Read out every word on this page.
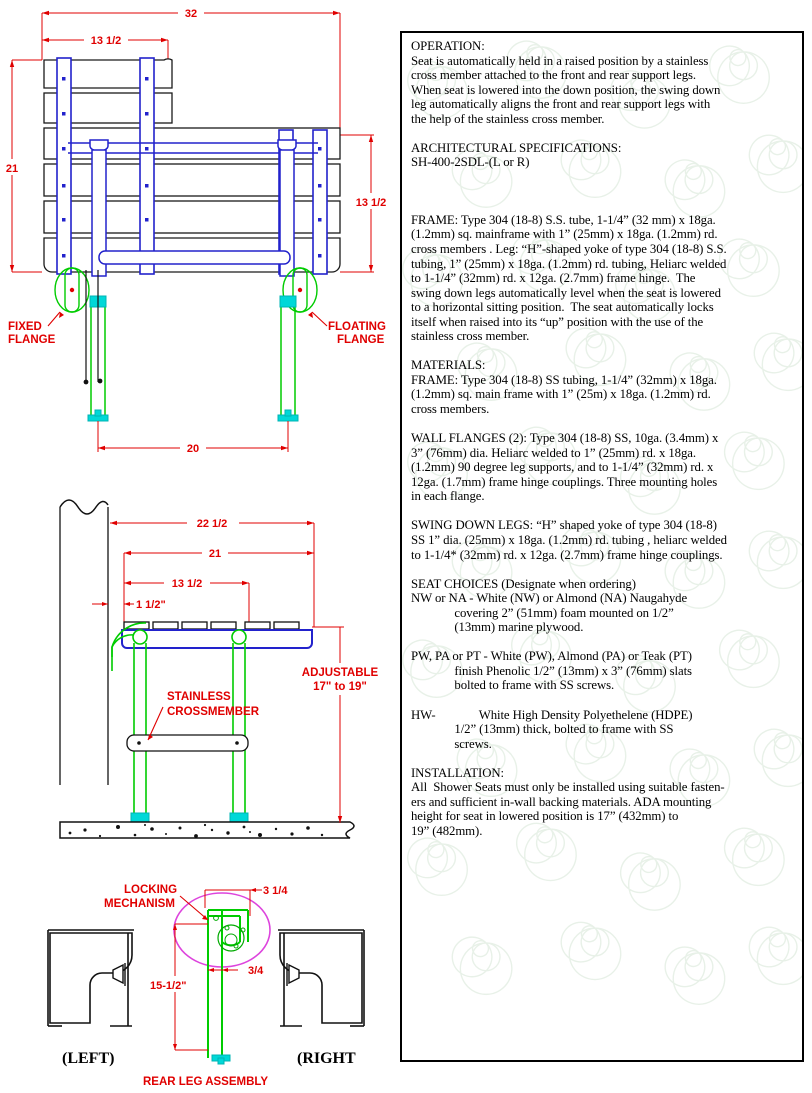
32
13 1/2
21
13 1/2
20
FIXED
FLANGE
FLOATING
FLANGE
22 1/2
21
13 1/2
1 1/2"
STAINLESS
CROSSMEMBER
ADJUSTABLE
17" to 19"
3 1/4
3/4
15-1/2"
LOCKING
MECHANISM
(LEFT)	(RIGHT
REAR LEG ASSEMBLY
OPERATION:
Seat is automatically held in a raised position by a stainless
cross member attached to the front and rear support legs.
When seat is lowered into the down position, the swing down
leg automatically aligns the front and rear support legs with
the help of the stainless cross member.
ARCHITECTURAL SPECIFICATIONS:
SH-400-2SDL-(L or R)
FRAME: Type 304 (18-8) S.S. tube, 1-1/4” (32 mm) x 18ga.
(1.2mm) sq. mainframe with 1” (25mm) x 18ga. (1.2mm) rd.
cross members . Leg: “H”-shaped yoke of type 304 (18-8) S.S.
tubing, 1” (25mm) x 18ga. (1.2mm) rd. tubing, Heliarc welded
to 1-1/4” (32mm) rd. x 12ga. (2.7mm) frame hinge.  The
swing down legs automatically level when the seat is lowered
to a horizontal sitting position.  The seat automatically locks
itself when raised into its “up” position with the use of the
stainless cross member.
MATERIALS:
FRAME: Type 304 (18-8) SS tubing, 1-1/4” (32mm) x 18ga.
(1.2mm) sq. main frame with 1” (25m) x 18ga. (1.2mm) rd.
cross members.
WALL FLANGES (2): Type 304 (18-8) SS, 10ga. (3.4mm) x
3” (76mm) dia. Heliarc welded to 1” (25mm) rd. x 18ga.
(1.2mm) 90 degree leg supports, and to 1-1/4” (32mm) rd. x
12ga. (1.7mm) frame hinge couplings. Three mounting holes
in each flange.
SWING DOWN LEGS: “H” shaped yoke of type 304 (18-8)
SS 1” dia. (25mm) x 18ga. (1.2mm) rd. tubing , heliarc welded
to 1-1/4* (32mm) rd. x 12ga. (2.7mm) frame hinge couplings.
SEAT CHOICES (Designate when ordering)
NW or NA - White (NW) or Almond (NA) Naugahyde
covering 2” (51mm) foam mounted on 1/2”
(13mm) marine plywood.
PW, PA or PT - White (PW), Almond (PA) or Teak (PT)
finish Phenolic 1/2” (13mm) x 3” (76mm) slats
bolted to frame with SS screws.
HW-              White High Density Polyethelene (HDPE)
1/2” (13mm) thick, bolted to frame with SS
screws.
INSTALLATION:
All  Shower Seats must only be installed using suitable fasten-
ers and sufficient in-wall backing materials. ADA mounting
height for seat in lowered position is 17” (432mm) to
19” (482mm).
